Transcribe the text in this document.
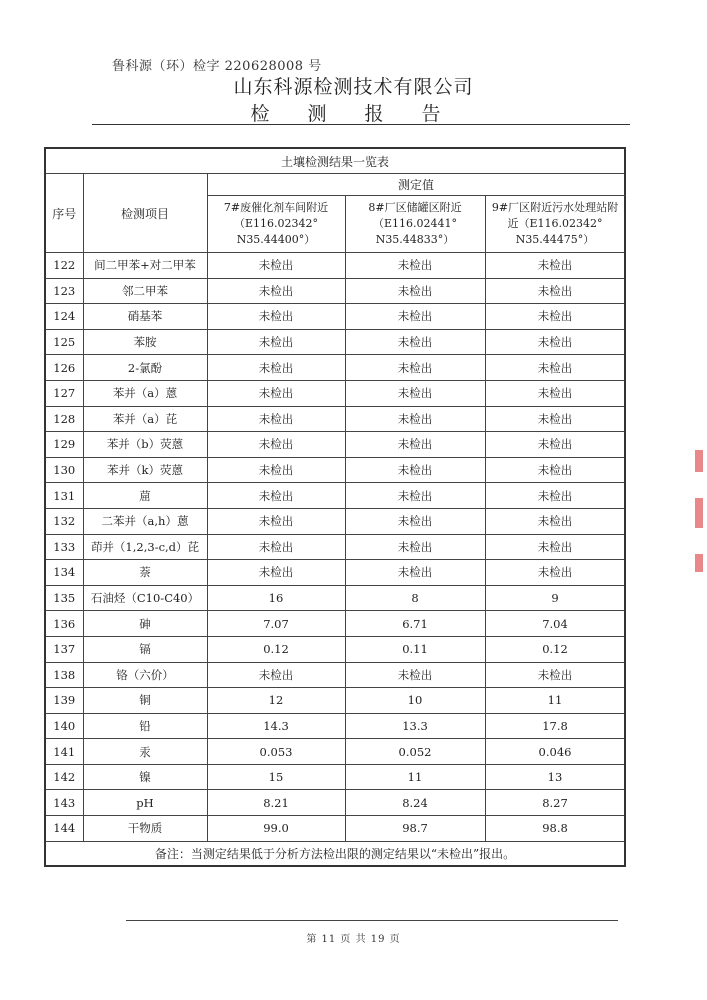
鲁科源（环）检字 220628008 号
山东科源检测技术有限公司
检 测 报 告
土壤检测结果一览表					
序号	检测项目	测定值	
		7#废催化剂车间附近（E116.02342° N35.44400°）	8#厂区储罐区附近（E116.02441° N35.44833°）	9#厂区附近污水处理站附近（E116.02342° N35.44475°）	
122	间二甲苯+对二甲苯	未检出	未检出	未检出	
123	邻二甲苯	未检出	未检出	未检出	
124	硝基苯	未检出	未检出	未检出	
125	苯胺	未检出	未检出	未检出	
126	2-氯酚	未检出	未检出	未检出	
127	苯并（a）蒽	未检出	未检出	未检出	
128	苯并（a）芘	未检出	未检出	未检出	
129	苯并（b）荧蒽	未检出	未检出	未检出	
130	苯并（k）荧蒽	未检出	未检出	未检出	
131	䓛	未检出	未检出	未检出	
132	二苯并（a,h）蒽	未检出	未检出	未检出	
133	茚并（1,2,3-c,d）芘	未检出	未检出	未检出	
134	萘	未检出	未检出	未检出	
135	石油烃（C10-C40）	16	8	9	
136	砷	7.07	6.71	7.04	
137	镉	0.12	0.11	0.12	
138	铬（六价）	未检出	未检出	未检出	
139	铜	12	10	11	
140	铅	14.3	13.3	17.8	
141	汞	0.053	0.052	0.046	
142	镍	15	11	13	
143	pH	8.21	8.24	8.27	
144	干物质	99.0	98.7	98.8	
备注：当测定结果低于分析方法检出限的测定结果以“未检出”报出。					
第 11 页 共 19 页
